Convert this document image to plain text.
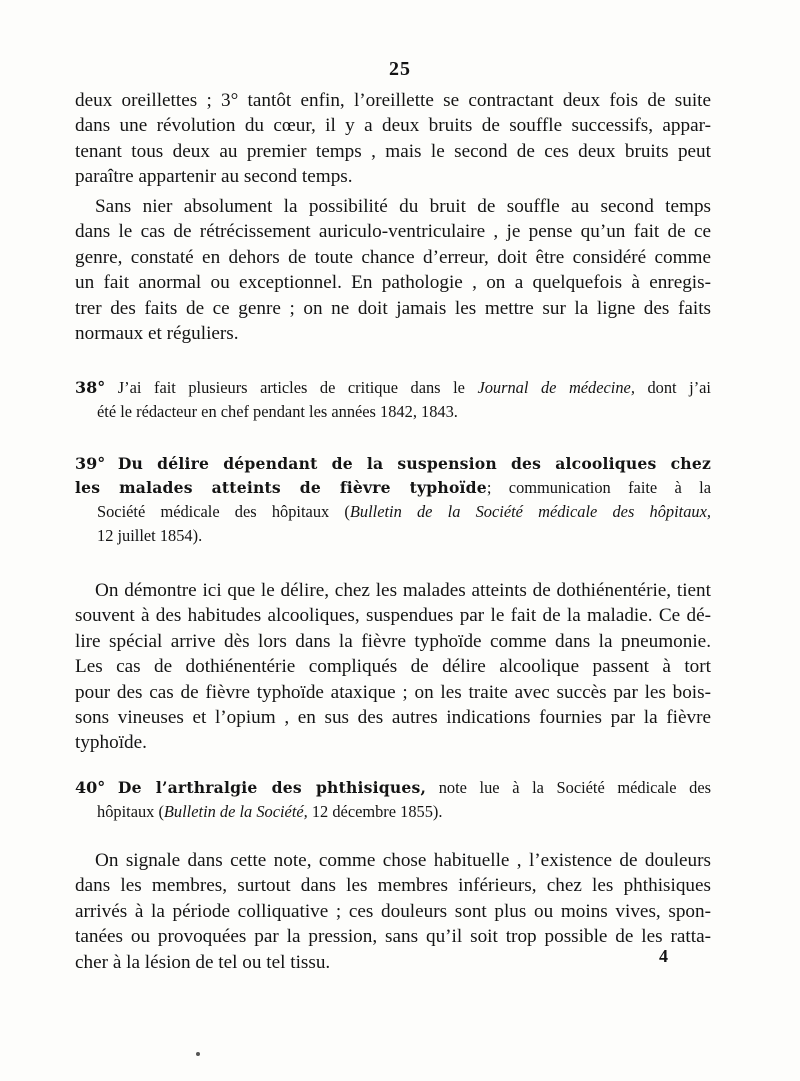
25
deux oreillettes ; 3° tantôt enfin, l’oreillette se contractant deux fois de suite
dans une révolution du cœur, il y a deux bruits de souffle successifs, appar-
tenant tous deux au premier temps , mais le second de ces deux bruits peut
paraître appartenir au second temps.
Sans nier absolument la possibilité du bruit de souffle au second temps
dans le cas de rétrécissement auriculo-ventriculaire , je pense qu’un fait de ce
genre, constaté en dehors de toute chance d’erreur, doit être considéré comme
un fait anormal ou exceptionnel. En pathologie , on a quelquefois à enregis-
trer des faits de ce genre ; on ne doit jamais les mettre sur la ligne des faits
normaux et réguliers.
38° J’ai fait plusieurs articles de critique dans le Journal de médecine, dont j’ai
été le rédacteur en chef pendant les années 1842, 1843.
39° Du délire dépendant de la suspension des alcooliques chez
les malades atteints de fièvre typhoïde; communication faite à la
Société médicale des hôpitaux (Bulletin de la Société médicale des hôpitaux,
12 juillet 1854).
On démontre ici que le délire, chez les malades atteints de dothiénentérie, tient
souvent à des habitudes alcooliques, suspendues par le fait de la maladie. Ce dé-
lire spécial arrive dès lors dans la fièvre typhoïde comme dans la pneumonie.
Les cas de dothiénentérie compliqués de délire alcoolique passent à tort
pour des cas de fièvre typhoïde ataxique ; on les traite avec succès par les bois-
sons vineuses et l’opium , en sus des autres indications fournies par la fièvre
typhoïde.
40° De l’arthralgie des phthisiques, note lue à la Société médicale des
hôpitaux (Bulletin de la Société, 12 décembre 1855).
On signale dans cette note, comme chose habituelle , l’existence de douleurs
dans les membres, surtout dans les membres inférieurs, chez les phthisiques
arrivés à la période colliquative ; ces douleurs sont plus ou moins vives, spon-
tanées ou provoquées par la pression, sans qu’il soit trop possible de les ratta-
cher à la lésion de tel ou tel tissu.	4
